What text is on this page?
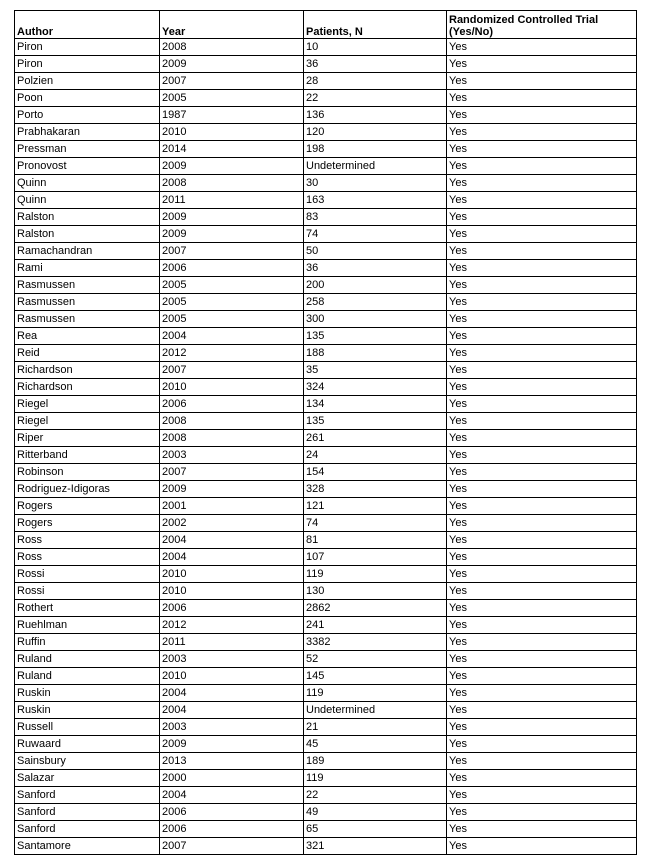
Author	Year	Patients, N	Randomized Controlled Trial
(Yes/No)
Piron	2008	10	Yes
Piron	2009	36	Yes
Polzien	2007	28	Yes
Poon	2005	22	Yes
Porto	1987	136	Yes
Prabhakaran	2010	120	Yes
Pressman	2014	198	Yes
Pronovost	2009	Undetermined	Yes
Quinn	2008	30	Yes
Quinn	2011	163	Yes
Ralston	2009	83	Yes
Ralston	2009	74	Yes
Ramachandran	2007	50	Yes
Rami	2006	36	Yes
Rasmussen	2005	200	Yes
Rasmussen	2005	258	Yes
Rasmussen	2005	300	Yes
Rea	2004	135	Yes
Reid	2012	188	Yes
Richardson	2007	35	Yes
Richardson	2010	324	Yes
Riegel	2006	134	Yes
Riegel	2008	135	Yes
Riper	2008	261	Yes
Ritterband	2003	24	Yes
Robinson	2007	154	Yes
Rodriguez-Idigoras	2009	328	Yes
Rogers	2001	121	Yes
Rogers	2002	74	Yes
Ross	2004	81	Yes
Ross	2004	107	Yes
Rossi	2010	119	Yes
Rossi	2010	130	Yes
Rothert	2006	2862	Yes
Ruehlman	2012	241	Yes
Ruffin	2011	3382	Yes
Ruland	2003	52	Yes
Ruland	2010	145	Yes
Ruskin	2004	119	Yes
Ruskin	2004	Undetermined	Yes
Russell	2003	21	Yes
Ruwaard	2009	45	Yes
Sainsbury	2013	189	Yes
Salazar	2000	119	Yes
Sanford	2004	22	Yes
Sanford	2006	49	Yes
Sanford	2006	65	Yes
Santamore	2007	321	Yes
